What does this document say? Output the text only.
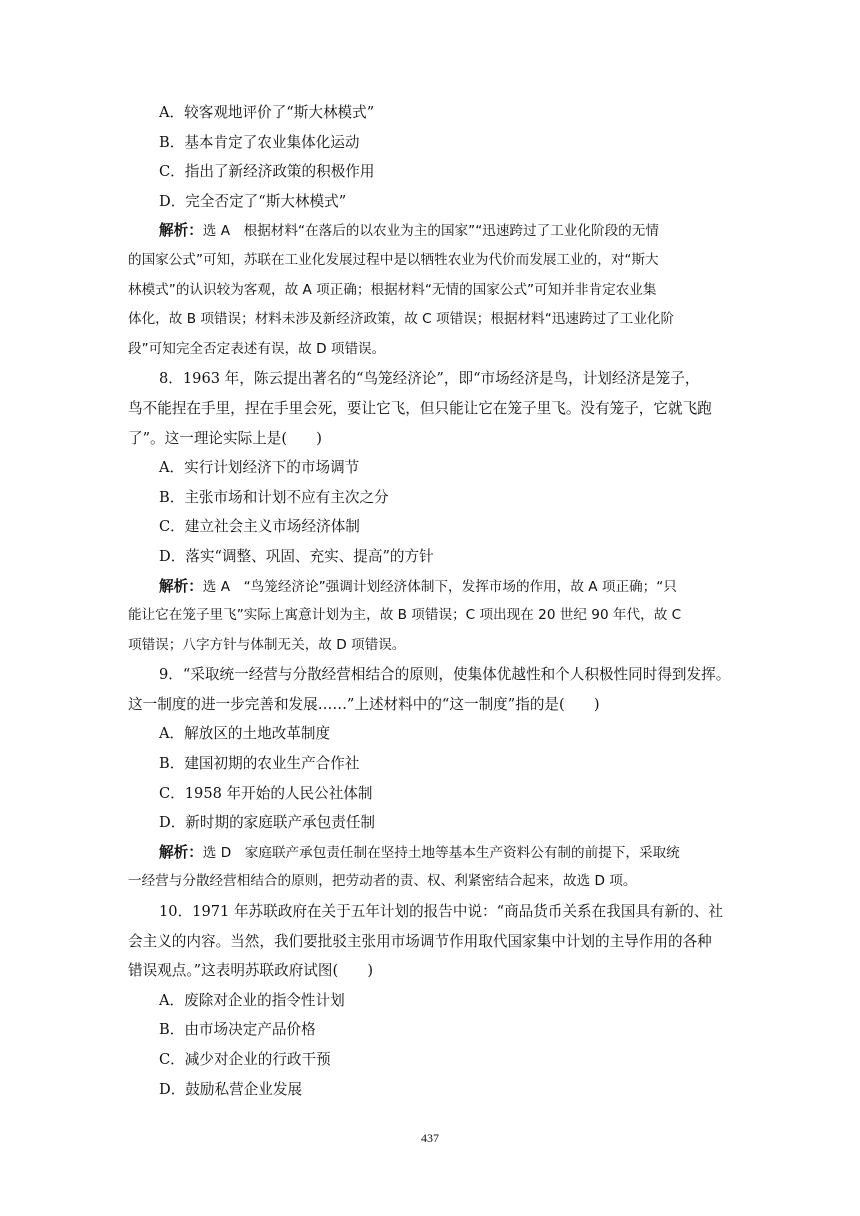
A．较客观地评价了“斯大林模式”
B．基本肯定了农业集体化运动
C．指出了新经济政策的积极作用
D．完全否定了“斯大林模式”
解析：选 A　根据材料“在落后的以农业为主的国家”“迅速跨过了工业化阶段的无情
的国家公式”可知，苏联在工业化发展过程中是以牺牲农业为代价而发展工业的，对“斯大
林模式”的认识较为客观，故 A 项正确；根据材料“无情的国家公式”可知并非肯定农业集
体化，故 B 项错误；材料未涉及新经济政策，故 C 项错误；根据材料“迅速跨过了工业化阶
段”可知完全否定表述有误，故 D 项错误。
8．1963 年，陈云提出著名的“鸟笼经济论”，即“市场经济是鸟，计划经济是笼子，
鸟不能捏在手里，捏在手里会死，要让它飞，但只能让它在笼子里飞。没有笼子，它就飞跑
了”。这一理论实际上是(　　)
A．实行计划经济下的市场调节
B．主张市场和计划不应有主次之分
C．建立社会主义市场经济体制
D．落实“调整、巩固、充实、提高”的方针
解析：选 A　“鸟笼经济论”强调计划经济体制下，发挥市场的作用，故 A 项正确；“只
能让它在笼子里飞”实际上寓意计划为主，故 B 项错误；C 项出现在 20 世纪 90 年代，故 C
项错误；八字方针与体制无关，故 D 项错误。
9．“采取统一经营与分散经营相结合的原则，使集体优越性和个人积极性同时得到发挥。
这一制度的进一步完善和发展……”上述材料中的“这一制度”指的是(　　)
A．解放区的土地改革制度
B．建国初期的农业生产合作社
C．1958 年开始的人民公社体制
D．新时期的家庭联产承包责任制
解析：选 D　家庭联产承包责任制在坚持土地等基本生产资料公有制的前提下，采取统
一经营与分散经营相结合的原则，把劳动者的责、权、利紧密结合起来，故选 D 项。
10．1971 年苏联政府在关于五年计划的报告中说：“商品货币关系在我国具有新的、社
会主义的内容。当然，我们要批驳主张用市场调节作用取代国家集中计划的主导作用的各种
错误观点。”这表明苏联政府试图(　　)
A．废除对企业的指令性计划
B．由市场决定产品价格
C．减少对企业的行政干预
D．鼓励私营企业发展
437
